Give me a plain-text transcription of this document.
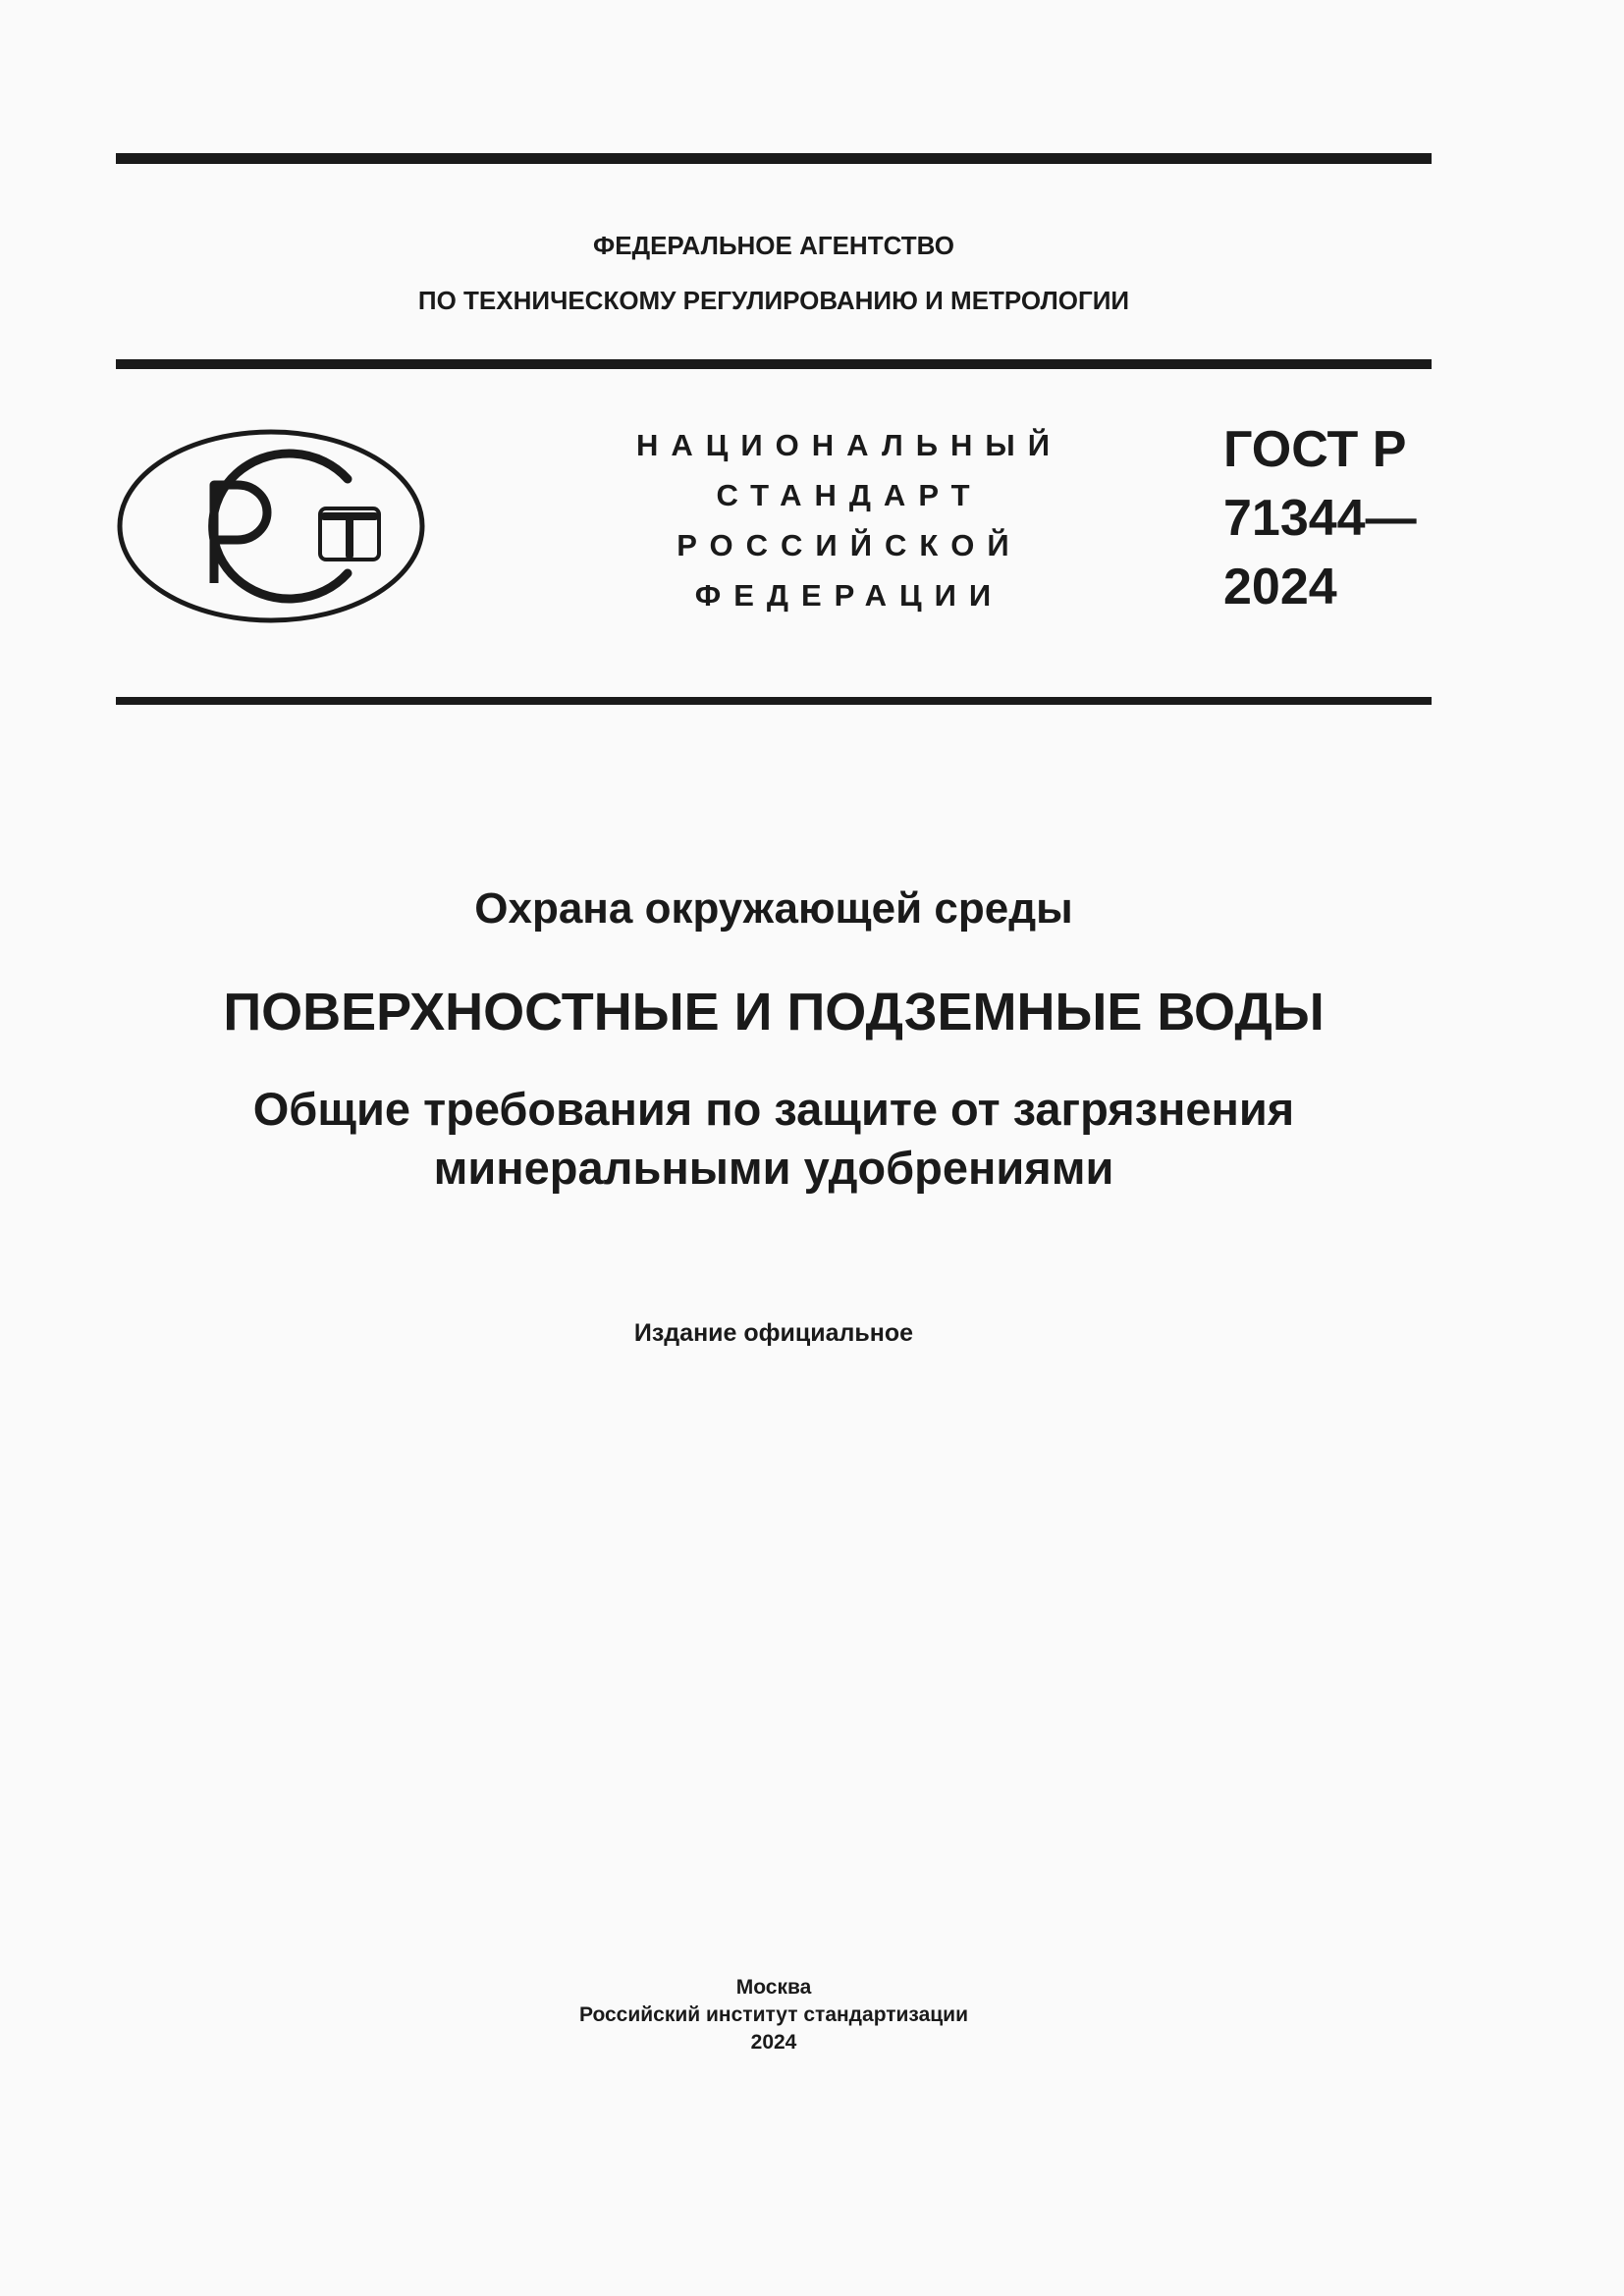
ФЕДЕРАЛЬНОЕ АГЕНТСТВО
ПО ТЕХНИЧЕСКОМУ РЕГУЛИРОВАНИЮ И МЕТРОЛОГИИ
НАЦИОНАЛЬНЫЙ
СТАНДАРТ
РОССИЙСКОЙ
ФЕДЕРАЦИИ
ГОСТ Р
71344—
2024
Охрана окружающей среды
ПОВЕРХНОСТНЫЕ И ПОДЗЕМНЫЕ ВОДЫ
Общие требования по защите от загрязнения
минеральными удобрениями
Издание официальное
Москва
Российский институт стандартизации
2024
